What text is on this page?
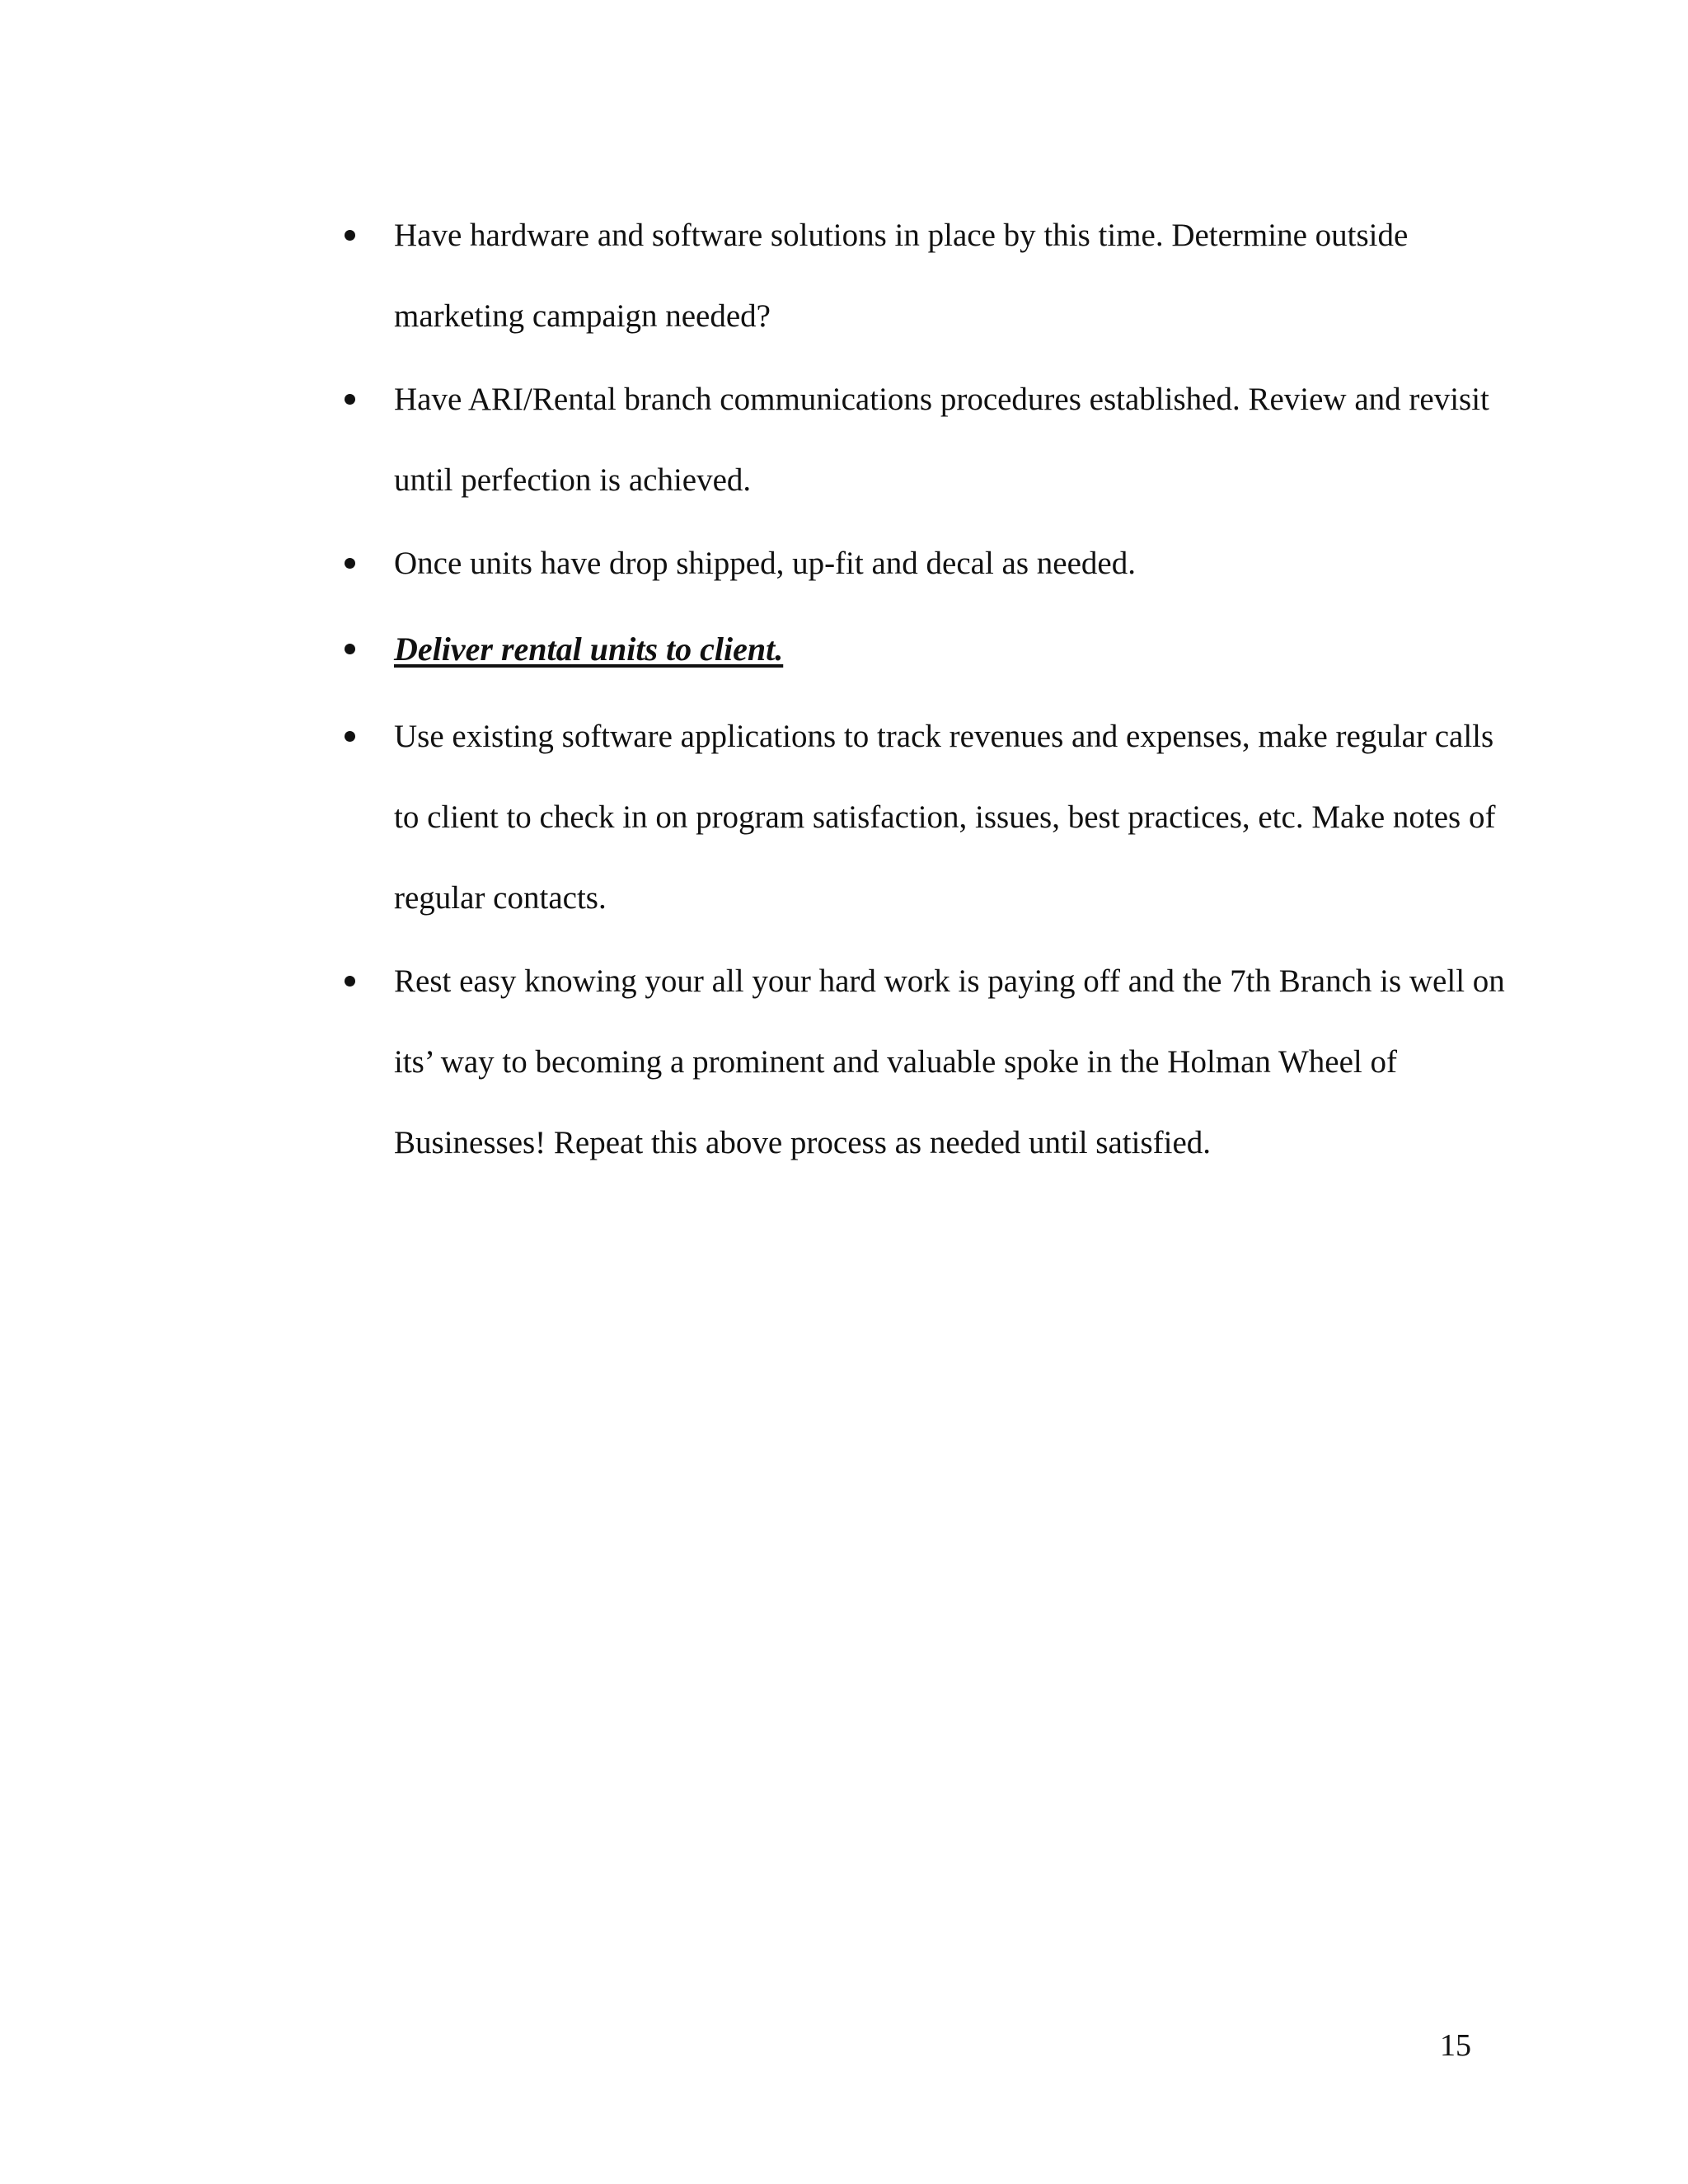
Have hardware and software solutions in place by this time. Determine outside marketing campaign needed?
Have ARI/Rental branch communications procedures established. Review and revisit until perfection is achieved.
Once units have drop shipped, up-fit and decal as needed.
Deliver rental units to client.
Use existing software applications to track revenues and expenses, make regular calls to client to check in on program satisfaction, issues, best practices, etc. Make notes of regular contacts.
Rest easy knowing your all your hard work is paying off and the 7th Branch is well on its’ way to becoming a prominent and valuable spoke in the Holman Wheel of Businesses! Repeat this above process as needed until satisfied.
15
